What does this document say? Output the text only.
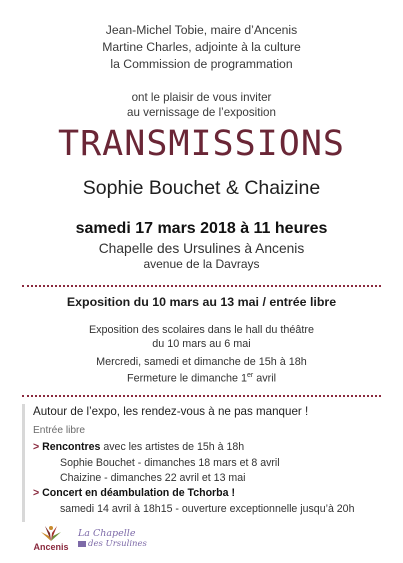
Jean-Michel Tobie, maire d’Ancenis
Martine Charles, adjointe à la culture
la Commission de programmation
ont le plaisir de vous inviter
au vernissage de l’exposition
TRANSMISSIONS
Sophie Bouchet & Chaizine
samedi 17 mars 2018 à 11 heures
Chapelle des Ursulines à Ancenis
avenue de la Davrays
Exposition du 10 mars au 13 mai / entrée libre
Exposition des scolaires dans le hall du théâtre
du 10 mars au 6 mai
Mercredi, samedi et dimanche de 15h à 18h
Fermeture le dimanche 1er avril
Autour de l’expo, les rendez-vous à ne pas manquer !
Entrée libre
> Rencontres avec les artistes de 15h à 18h
Sophie Bouchet - dimanches 18 mars et 8 avril
Chaizine - dimanches 22 avril et 13 mai
> Concert en déambulation de Tchorba !
samedi 14 avril à 18h15 - ouverture exceptionnelle jusqu’à 20h
Ancenis
La Chapelle
des Ursulines
